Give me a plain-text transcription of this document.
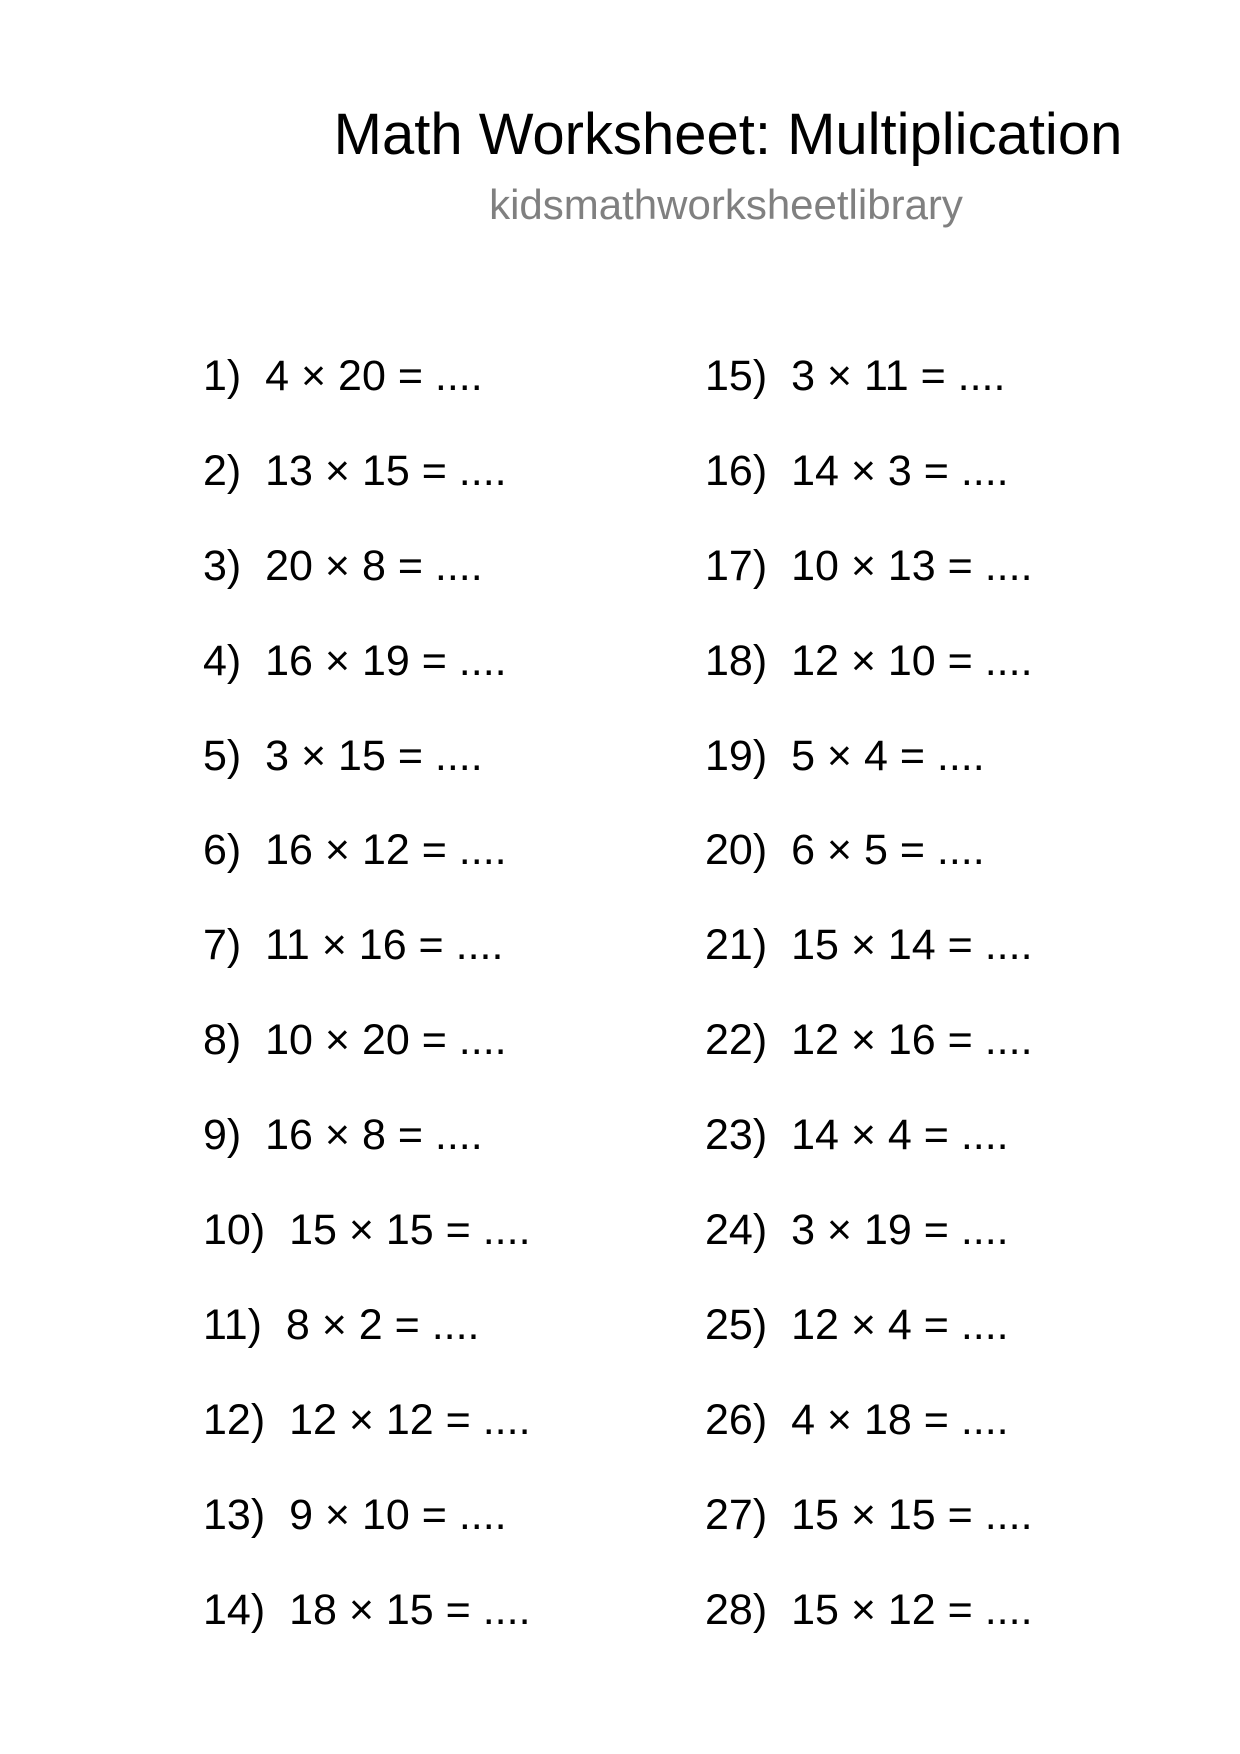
Math Worksheet: Multiplication
kidsmathworksheetlibrary
1) 4 × 20 = ....
2) 13 × 15 = ....
3) 20 × 8 = ....
4) 16 × 19 = ....
5) 3 × 15 = ....
6) 16 × 12 = ....
7) 11 × 16 = ....
8) 10 × 20 = ....
9) 16 × 8 = ....
10) 15 × 15 = ....
11) 8 × 2 = ....
12) 12 × 12 = ....
13) 9 × 10 = ....
14) 18 × 15 = ....
15) 3 × 11 = ....
16) 14 × 3 = ....
17) 10 × 13 = ....
18) 12 × 10 = ....
19) 5 × 4 = ....
20) 6 × 5 = ....
21) 15 × 14 = ....
22) 12 × 16 = ....
23) 14 × 4 = ....
24) 3 × 19 = ....
25) 12 × 4 = ....
26) 4 × 18 = ....
27) 15 × 15 = ....
28) 15 × 12 = ....
